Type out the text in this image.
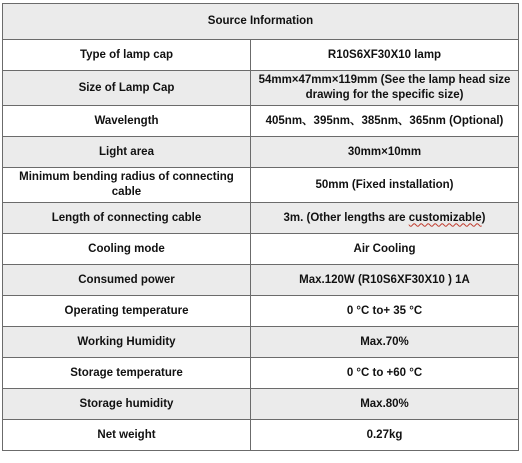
Source Information	
Type of lamp cap	R10S6XF30X10 lamp
Size of Lamp Cap	54mm×47mm×119mm (See the lamp head size drawing for the specific size)
Wavelength	405nm、395nm、385nm、365nm (Optional)
Light area	30mm×10mm
Minimum bending radius of connecting cable	50mm (Fixed installation)
Length of connecting cable	3m. (Other lengths are customizable)
Cooling mode	Air Cooling
Consumed power	Max.120W (R10S6XF30X10 ) 1A
Operating temperature	0 °C to+ 35 °C
Working Humidity	Max.70%
Storage temperature	0 °C to +60 °C
Storage humidity	Max.80%
Net weight	0.27kg
